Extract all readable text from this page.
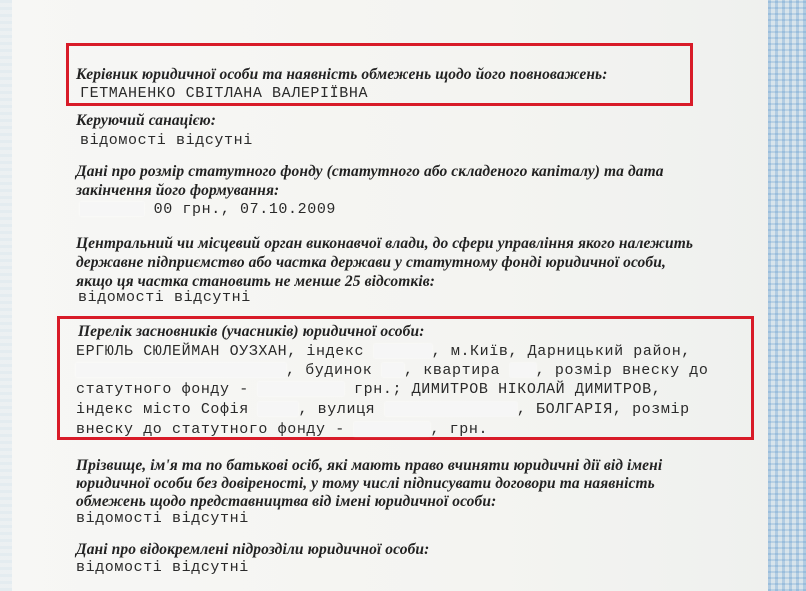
Керівник юридичної особи та наявність обмежень щодо його повноважень:
ГЕТМАНЕНКО СВІТЛАНА ВАЛЕРІЇВНА
Керуючий санацією:
відомості відсутні
Дані про розмір статутного фонду (статутного або складеного капіталу) та дата
закінчення його формування:
00 грн., 07.10.2009
Центральний чи місцевий орган виконавчої влади, до сфери управління якого належить
державне підприємство або частка держави у статутному фонді юридичної особи,
якщо ця частка становить не менше 25 відсотків:
відомості відсутні
Перелік засновників (учасників) юридичної особи:
ЕРГЮЛЬ СЮЛЕЙМАН ОУЗХАН, індекс	, м.Київ, Дарницький район,
, будинок , квартира , розмір внеску до
статутного фонду -	грн.; ДИМИТРОВ НІКОЛАЙ ДИМИТРОВ,
індекс місто Софія	, вулиця	, БОЛГАРІЯ, розмір
внеску до статутного фонду -	, грн.
Прізвище, ім'я та по батькові осіб, які мають право вчиняти юридичні дії від імені
юридичної особи без довіреності, у тому числі підписувати договори та наявність
обмежень щодо представництва від імені юридичної особи:
відомості відсутні
Дані про відокремлені підрозділи юридичної особи:
відомості відсутні
